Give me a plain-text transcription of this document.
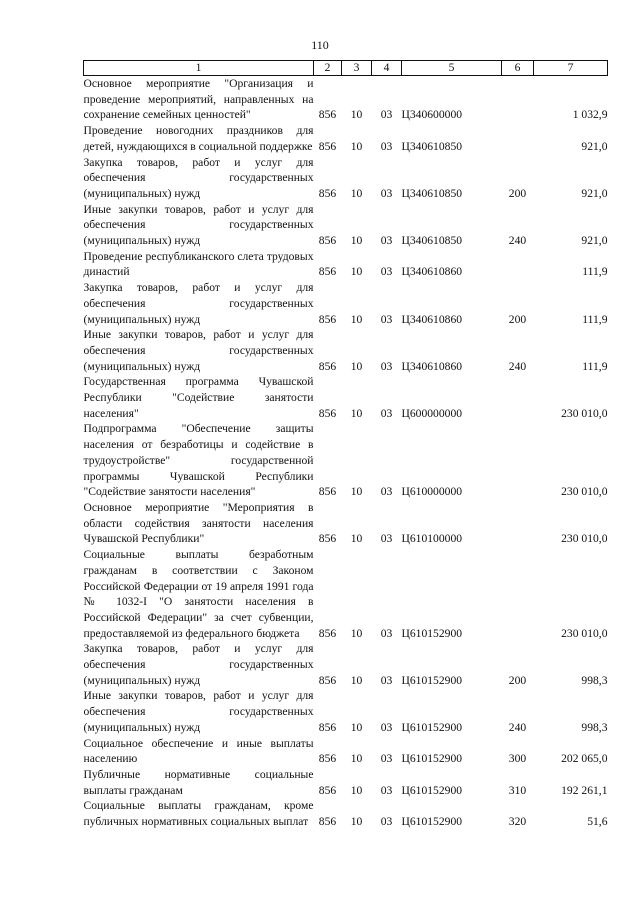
110
1	2	3	4	5	6	7

Основное мероприятие "Организация и проведение мероприятий, направленных на сохранение семейных ценностей"	856	10	03	Ц340600000		1 032,9

Проведение новогодних праздников для детей, нуждающихся в социальной поддержке	856	10	03	Ц340610850		921,0

Закупка товаров, работ и услуг для обеспечения государственных (муниципальных) нужд	856	10	03	Ц340610850	200	921,0

Иные закупки товаров, работ и услуг для обеспечения государственных (муниципальных) нужд	856	10	03	Ц340610850	240	921,0

Проведение республиканского слета трудовых династий	856	10	03	Ц340610860		111,9

Закупка товаров, работ и услуг для обеспечения государственных (муниципальных) нужд	856	10	03	Ц340610860	200	111,9

Иные закупки товаров, работ и услуг для обеспечения государственных (муниципальных) нужд	856	10	03	Ц340610860	240	111,9

Государственная программа Чувашской Республики "Содействие занятости населения"	856	10	03	Ц600000000		230 010,0

Подпрограмма "Обеспечение защиты населения от безработицы и содействие в трудоустройстве" государственной программы Чувашской Республики "Содействие занятости населения"	856	10	03	Ц610000000		230 010,0

Основное мероприятие "Мероприятия в области содействия занятости населения Чувашской Республики"	856	10	03	Ц610100000		230 010,0

Социальные выплаты безработным гражданам в соответствии с Законом Российской Федерации от 19 апреля 1991 года № 1032-I "О занятости населения в Российской Федерации" за счет субвенции, предоставляемой из федерального бюджета	856	10	03	Ц610152900		230 010,0

Закупка товаров, работ и услуг для обеспечения государственных (муниципальных) нужд	856	10	03	Ц610152900	200	998,3

Иные закупки товаров, работ и услуг для обеспечения государственных (муниципальных) нужд	856	10	03	Ц610152900	240	998,3

Социальное обеспечение и иные выплаты населению	856	10	03	Ц610152900	300	202 065,0

Публичные нормативные социальные выплаты гражданам	856	10	03	Ц610152900	310	192 261,1

Социальные выплаты гражданам, кроме публичных нормативных социальных выплат	856	10	03	Ц610152900	320	51,6
